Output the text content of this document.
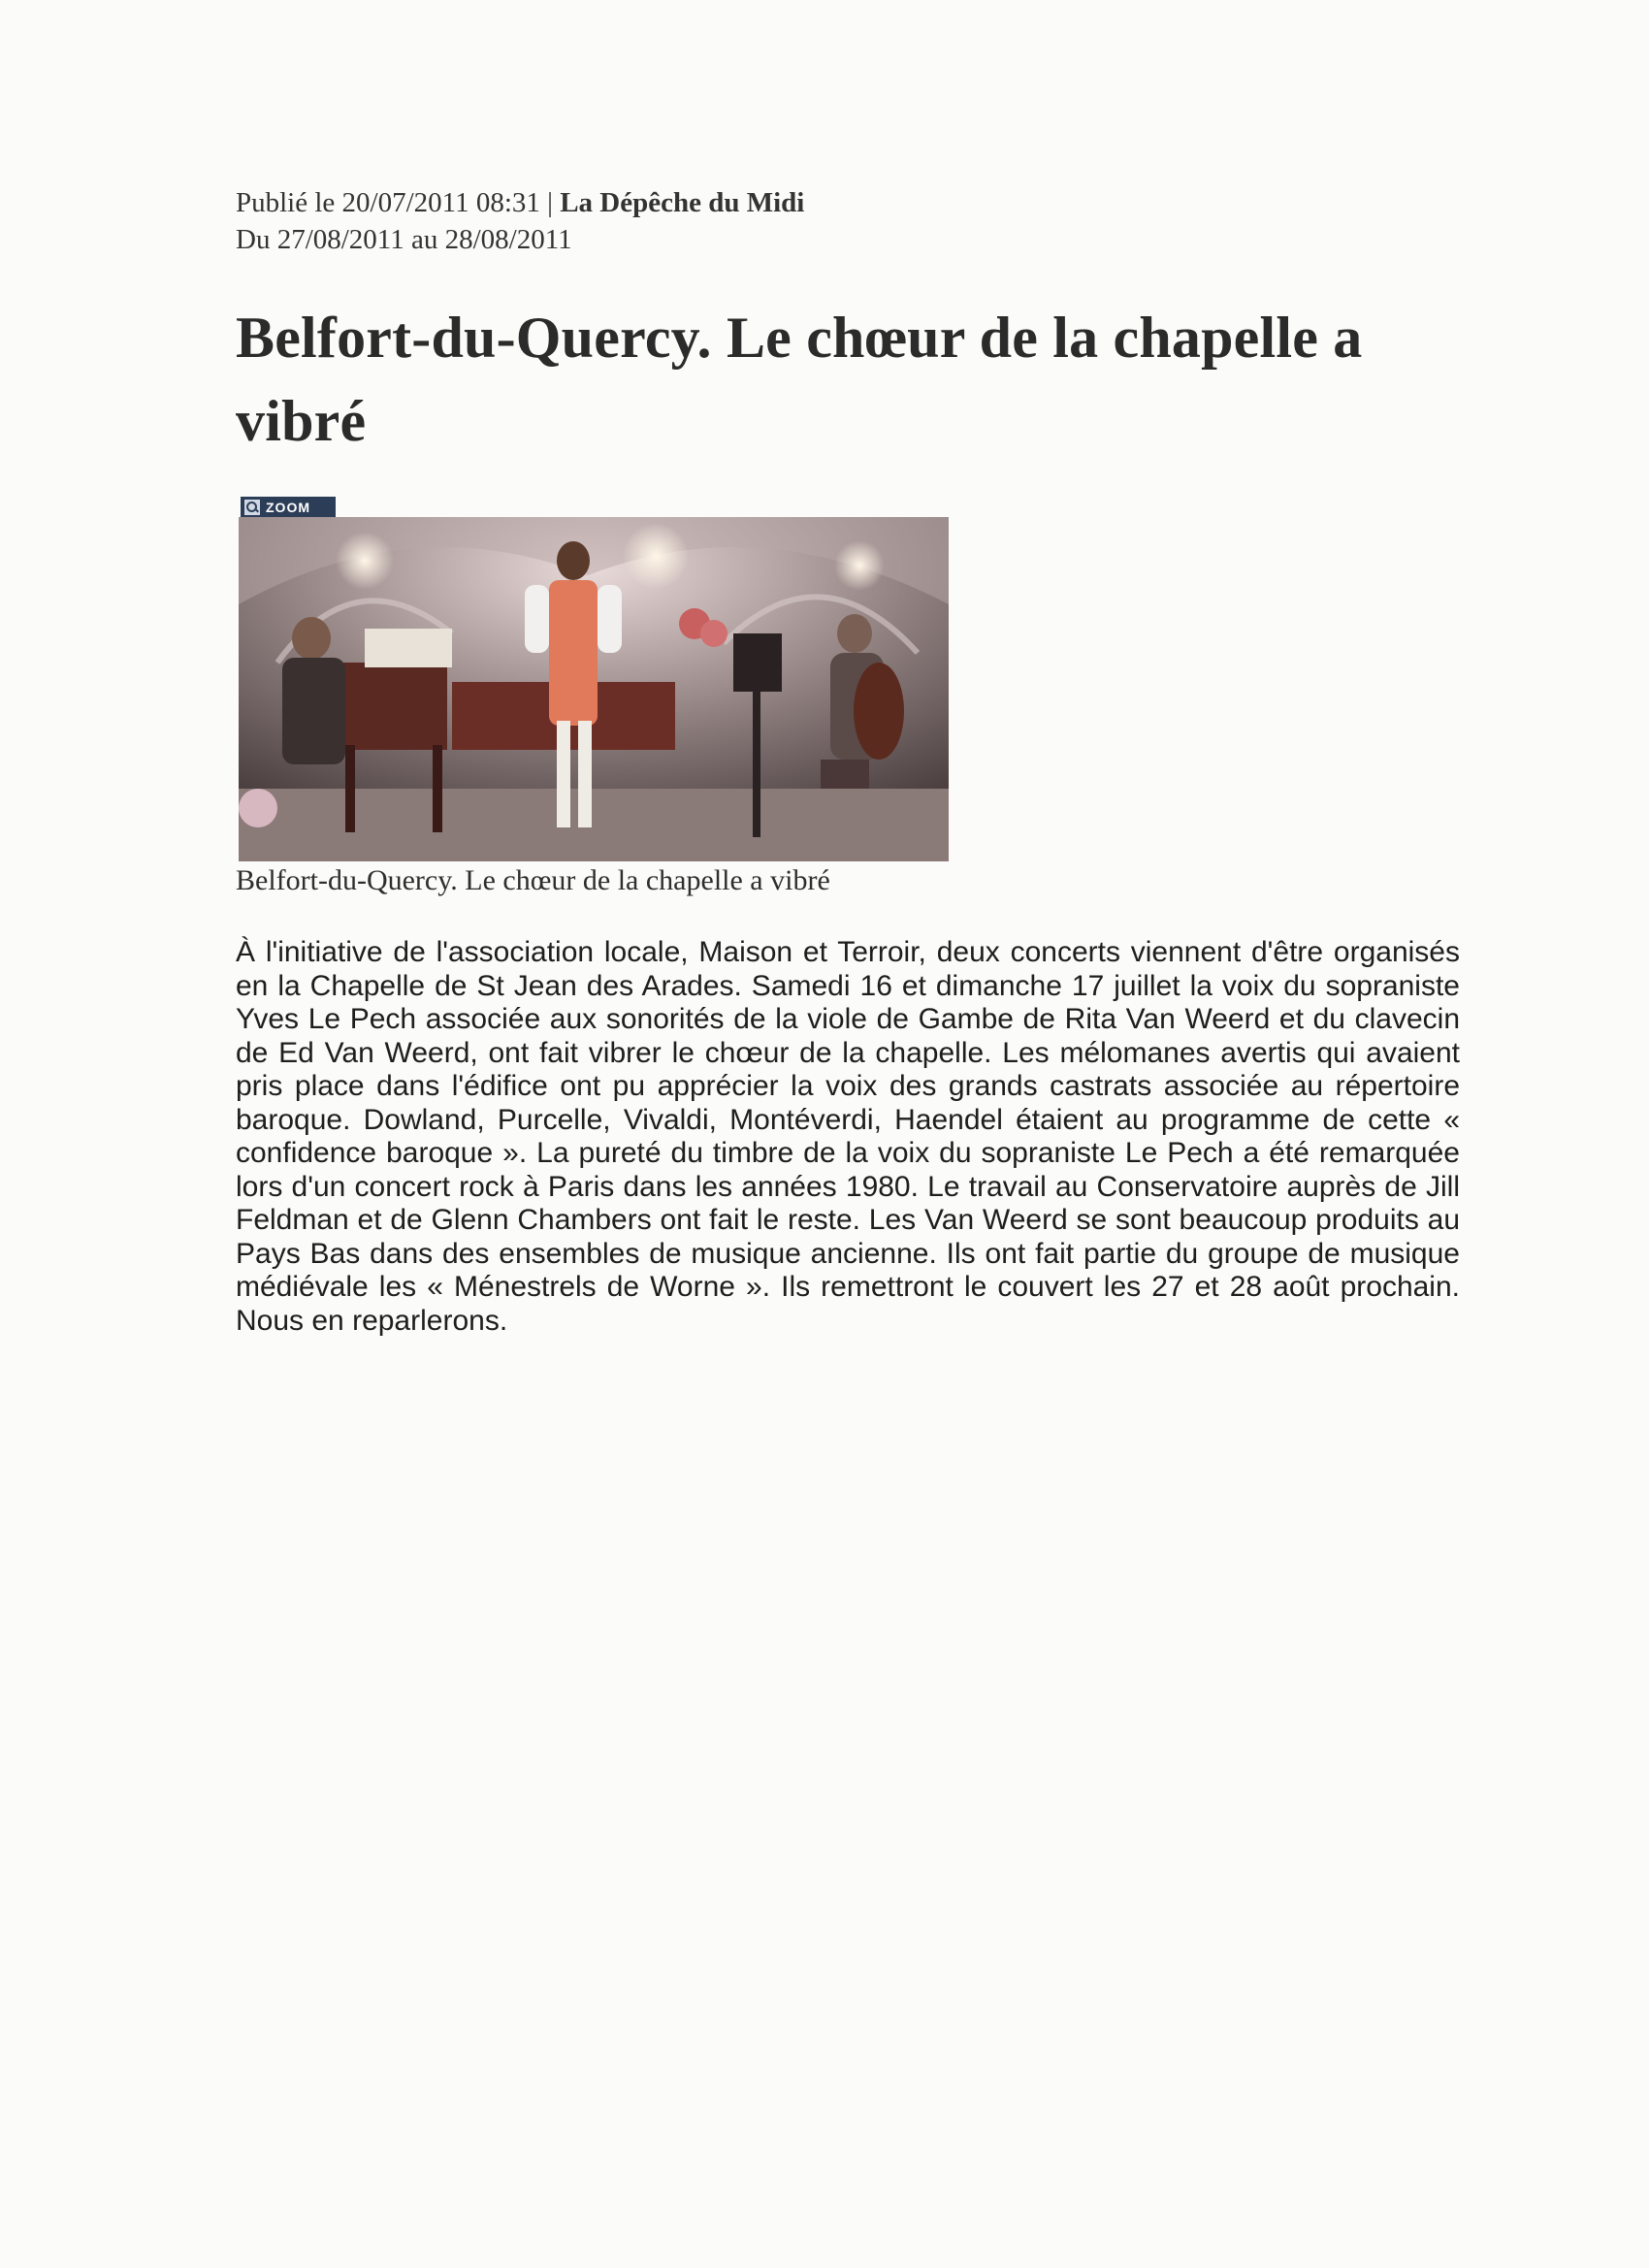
Publié le 20/07/2011 08:31 | La Dépêche du Midi
Du 27/08/2011 au 28/08/2011
Belfort-du-Quercy. Le chœur de la chapelle a vibré
ZOOM
Belfort-du-Quercy. Le chœur de la chapelle a vibré

À l'initiative de l'association locale, Maison et Terroir, deux concerts viennent d'être organisés en la Chapelle de St Jean des Arades. Samedi 16 et dimanche 17 juillet la voix du sopraniste Yves Le Pech associée aux sonorités de la viole de Gambe de Rita Van Weerd et du clavecin de Ed Van Weerd, ont fait vibrer le chœur de la chapelle. Les mélomanes avertis qui avaient pris place dans l'édifice ont pu apprécier la voix des grands castrats associée au répertoire baroque. Dowland, Purcelle, Vivaldi, Montéverdi, Haendel étaient au programme de cette « confidence baroque ». La pureté du timbre de la voix du sopraniste Le Pech a été remarquée lors d'un concert rock à Paris dans les années 1980. Le travail au Conservatoire auprès de Jill Feldman et de Glenn Chambers ont fait le reste. Les Van Weerd se sont beaucoup produits au Pays Bas dans des ensembles de musique ancienne. Ils ont fait partie du groupe de musique médiévale les « Ménestrels de Worne ». Ils remettront le couvert les 27 et 28 août prochain. Nous en reparlerons.
